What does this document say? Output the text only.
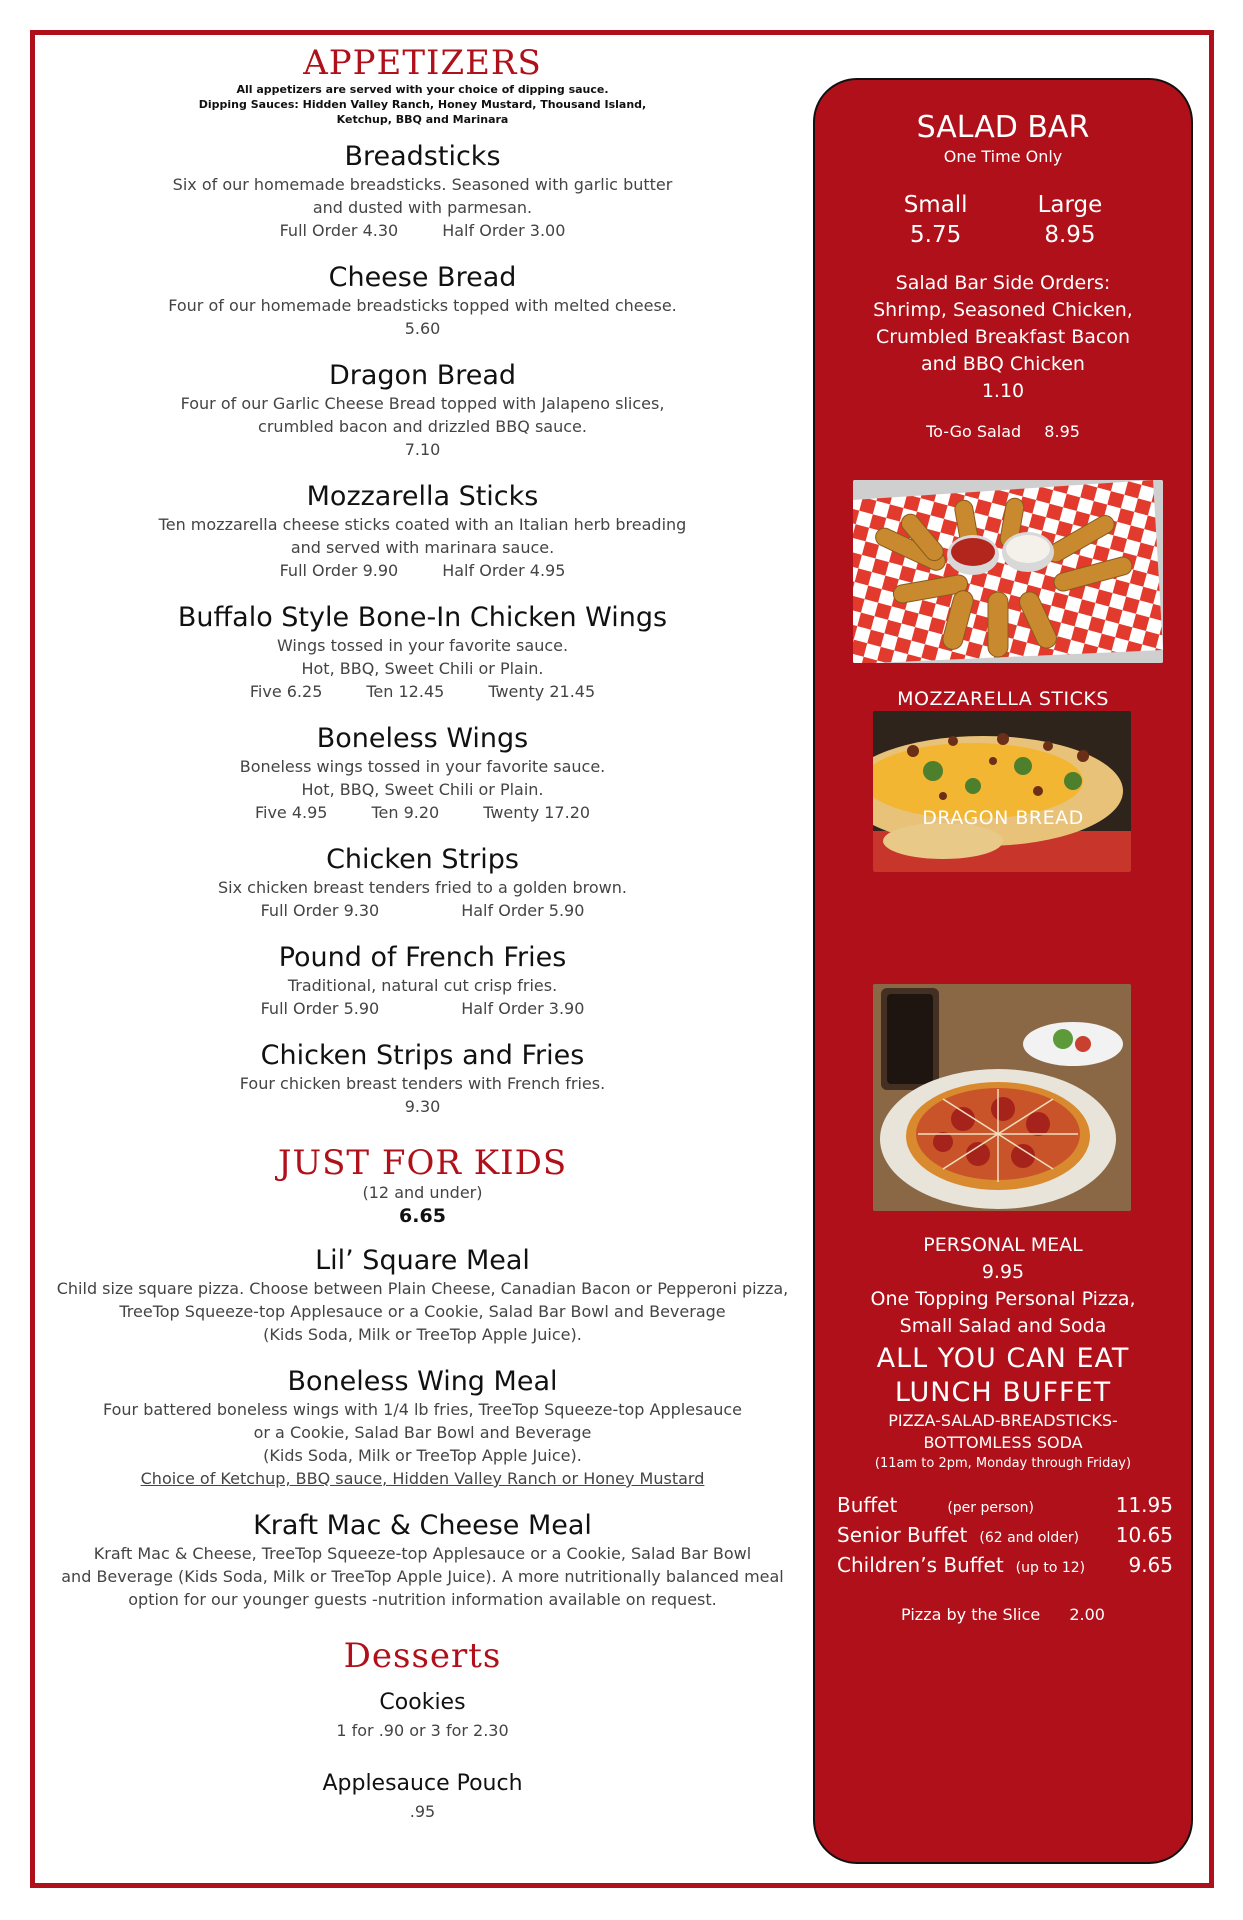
APPETIZERS
All appetizers are served with your choice of dipping sauce.
Dipping Sauces: Hidden Valley Ranch, Honey Mustard, Thousand Island,
Ketchup, BBQ and Marinara
Breadsticks
Six of our homemade breadsticks. Seasoned with garlic butter
and dusted with parmesan.
Full Order 4.30	Half Order 3.00
Cheese Bread
Four of our homemade breadsticks topped with melted cheese.
5.60
Dragon Bread
Four of our Garlic Cheese Bread topped with Jalapeno slices,
crumbled bacon and drizzled BBQ sauce.
7.10
Mozzarella Sticks
Ten mozzarella cheese sticks coated with an Italian herb breading
and served with marinara sauce.
Full Order 9.90	Half Order 4.95
Buffalo Style Bone-In Chicken Wings
Wings tossed in your favorite sauce.
Hot, BBQ, Sweet Chili or Plain.
Five 6.25	Ten 12.45	Twenty 21.45
Boneless Wings
Boneless wings tossed in your favorite sauce.
Hot, BBQ, Sweet Chili or Plain.
Five 4.95	Ten 9.20	Twenty 17.20
Chicken Strips
Six chicken breast tenders fried to a golden brown.
Full Order 9.30	Half Order 5.90
Pound of French Fries
Traditional, natural cut crisp fries.
Full Order 5.90	Half Order 3.90
Chicken Strips and Fries
Four chicken breast tenders with French fries.
9.30
JUST FOR KIDS
(12 and under)
6.65
Lil’ Square Meal
Child size square pizza. Choose between Plain Cheese, Canadian Bacon or Pepperoni pizza,
TreeTop Squeeze-top Applesauce or a Cookie, Salad Bar Bowl and Beverage
(Kids Soda, Milk or TreeTop Apple Juice).
Boneless Wing Meal
Four battered boneless wings with 1/4 lb fries, TreeTop Squeeze-top Applesauce
or a Cookie, Salad Bar Bowl and Beverage
(Kids Soda, Milk or TreeTop Apple Juice).
Choice of Ketchup, BBQ sauce, Hidden Valley Ranch or Honey Mustard
Kraft Mac & Cheese Meal
Kraft Mac & Cheese, TreeTop Squeeze-top Applesauce or a Cookie, Salad Bar Bowl
and Beverage (Kids Soda, Milk or TreeTop Apple Juice). A more nutritionally balanced meal
option for our younger guests -nutrition information available on request.
Desserts
Cookies
1 for .90 or 3 for 2.30
Applesauce Pouch
.95
SALAD BAR
One Time Only
Small
5.75
Large
8.95
Salad Bar Side Orders:
Shrimp, Seasoned Chicken,
Crumbled Breakfast Bacon
and BBQ Chicken
1.10
To-Go Salad 8.95
MOZZARELLA STICKS
DRAGON BREAD
PERSONAL MEAL
9.95
One Topping Personal Pizza,
Small Salad and Soda
ALL YOU CAN EAT
LUNCH BUFFET
PIZZA-SALAD-BREADSTICKS-
BOTTOMLESS SODA
(11am to 2pm, Monday through Friday)
Buffet	(per person)	11.95
Senior Buffet (62 and older)	10.65
Children’s Buffet (up to 12)	9.65
Pizza by the Slice 2.00
